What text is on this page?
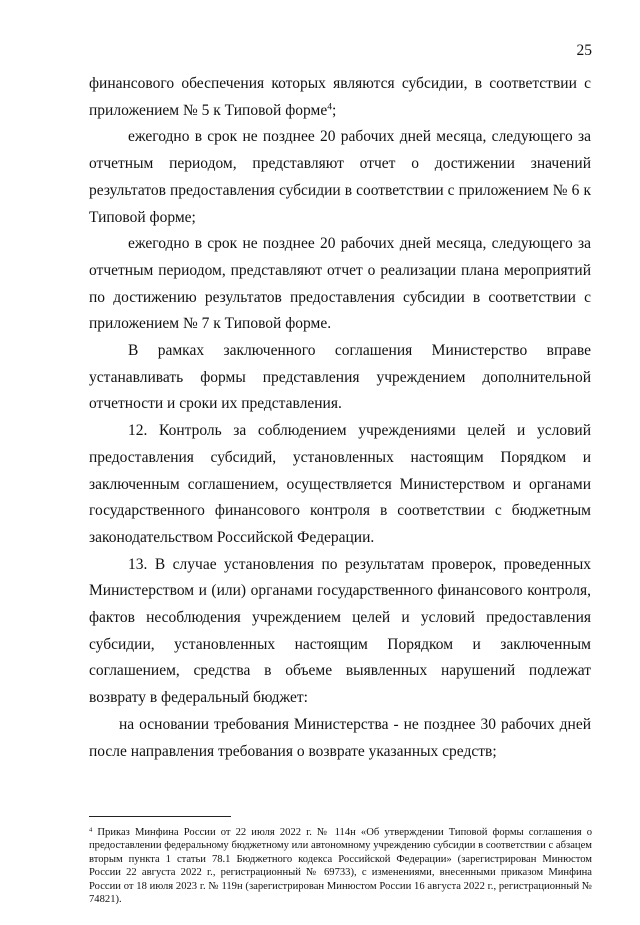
25

финансового обеспечения которых являются субсидии, в соответствии с приложением № 5 к Типовой форме$^4$;

ежегодно в срок не позднее 20 рабочих дней месяца, следующего за отчетным периодом, представляют отчет о достижении значений результатов предоставления субсидии в соответствии с приложением № 6 к Типовой форме;

ежегодно в срок не позднее 20 рабочих дней месяца, следующего за отчетным периодом, представляют отчет о реализации плана мероприятий по достижению результатов предоставления субсидии в соответствии с приложением № 7 к Типовой форме.

В рамках заключенного соглашения Министерство вправе устанавливать формы представления учреждением дополнительной отчетности и сроки их представления.

12. Контроль за соблюдением учреждениями целей и условий предоставления субсидий, установленных настоящим Порядком и заключенным соглашением, осуществляется Министерством и органами государственного финансового контроля в соответствии с бюджетным законодательством Российской Федерации.

13. В случае установления по результатам проверок, проведенных Министерством и (или) органами государственного финансового контроля, фактов несоблюдения учреждением целей и условий предоставления субсидии, установленных настоящим Порядком и заключенным соглашением, средства в объеме выявленных нарушений подлежат возврату в федеральный бюджет:

на основании требования Министерства - не позднее 30 рабочих дней после направления требования о возврате указанных средств;

$^4$ Приказ Минфина России от 22 июля 2022 г. № 114н «Об утверждении Типовой формы соглашения о предоставлении федеральному бюджетному или автономному учреждению субсидии в соответствии с абзацем вторым пункта 1 статьи 78.1 Бюджетного кодекса Российской Федерации» (зарегистрирован Минюстом России 22 августа 2022 г., регистрационный № 69733), с изменениями, внесенными приказом Минфина России от 18 июля 2023 г. № 119н (зарегистрирован Минюстом России 16 августа 2022 г., регистрационный № 74821).
